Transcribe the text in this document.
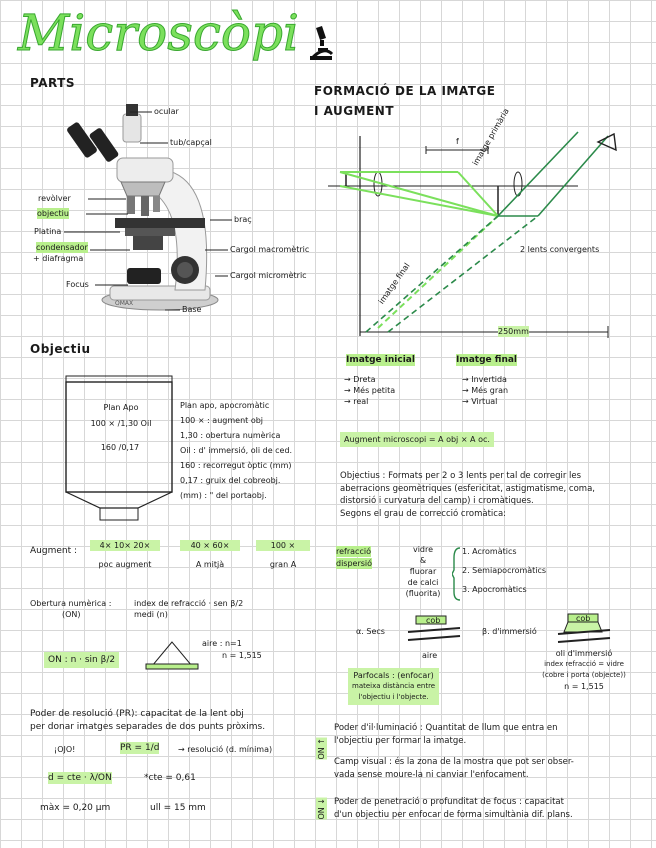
Microscòpi
PARTS
OMAX
ocular
tub/capçal
revòlver
objectiu
Platina
condensador
+ diafragma
Focus
Base
braç
Cargol macromètric
Cargol micromètric
FORMACIÓ DE LA IMATGE
I AUGMENT
f imatge primària
imatge final
2 lents convergents
250mm
Imatge inicial
→ Dreta
→ Més petita
→ real
Imatge final
→ Invertida
→ Més gran
→ Virtual
Augment microscopi = A obj × A oc.
Objectius : Formats per 2 o 3 lents per tal de corregir les
aberracions geomètriques (esfericitat, astigmatisme, coma,
distorsió i curvatura del camp) i cromàtiques.
Segons el grau de correcció cromàtica:
refracció
dispersió
vidre
&
fluorar
de calci
(fluorita)
1. Acromàtics
2. Semiapocromàtics
3. Apocromàtics
Objectiu
Plan Apo
100 × /1,30 Oil
160 /0,17
Plan apo, apocromàtic
100 × : augment obj
1,30 : obertura numèrica
Oil : d' immersió, oli de ced.
160 : recorregut òptic (mm)
0,17 : gruix del cobreobj.
(mm) : " del portaobj.
Augment :
4× 10× 20×
poc augment
40 × 60×
A mitjà
100 ×
gran A
Obertura numèrica :
(ON)
index de refracció · sen β/2
medi (n)
ON : n · sin β/2
aire : n=1
n = 1,515
α. Secs
cob
aire
β. d'immersió
cob
oli d'immersió
index refracció = vidre
(cobre i porta (objecte))
n = 1,515
Parfocals : (enfocar)
mateixa distància entre
l'objectiu i l'objecte.
Poder de resolució (PR): capacitat de la lent obj
per donar imatges separades de dos punts pròxims.
¡OJO!	PR = 1/d → resolució (d. mínima)
d = cte · λ/ON	*cte = 0,61
màx = 0,20 µm	ull = 15 mm
ON ↑
Poder d'il·luminació : Quantitat de llum que entra en
l'objectiu per formar la imatge.
Camp visual : és la zona de la mostra que pot ser obser-
vada sense moure-la ni canviar l'enfocament.
ON ↓ Poder de penetració o profunditat de focus : capacitat
d'un objectiu per enfocar de forma simultània dif. plans.
